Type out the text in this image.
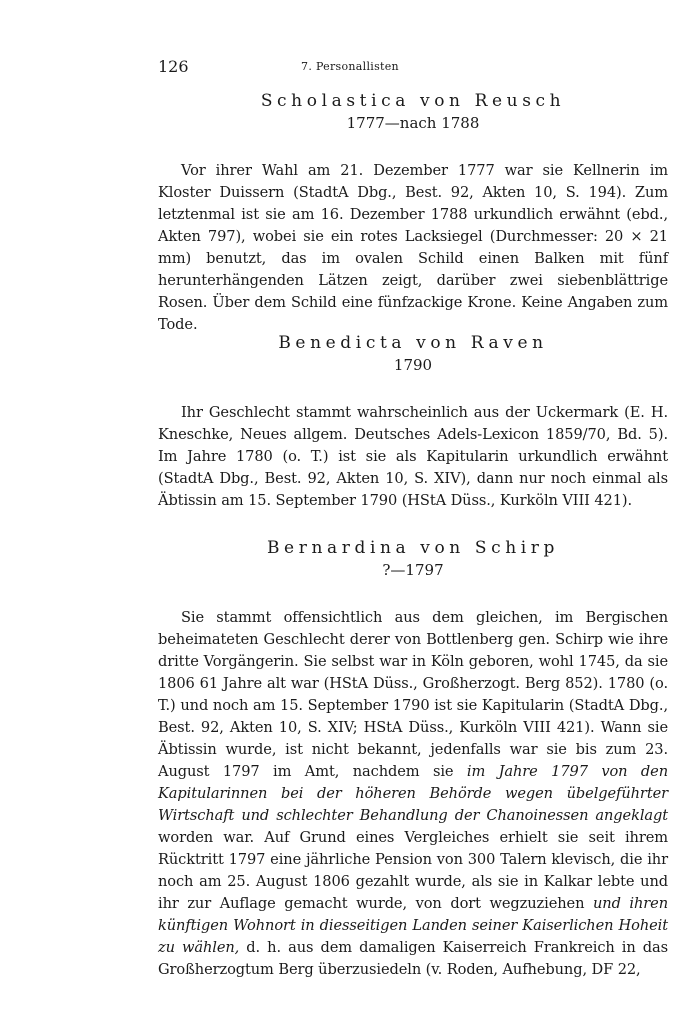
126	7. Personallisten
Scholastica von Reusch
1777—nach 1788

Vor ihrer Wahl am 21. Dezember 1777 war sie Kellnerin im Kloster Duissern (StadtA Dbg., Best. 92, Akten 10, S. 194). Zum letztenmal ist sie am 16. Dezember 1788 urkundlich erwähnt (ebd., Akten 797), wobei sie ein rotes Lacksiegel (Durchmesser: 20 × 21 mm) benutzt, das im ovalen Schild einen Balken mit fünf herunterhängenden Lätzen zeigt, darüber zwei siebenblättrige Rosen. Über dem Schild eine fünfzackige Krone. Keine Angaben zum Tode.

Benedicta von Raven
1790

Ihr Geschlecht stammt wahrscheinlich aus der Uckermark (E. H. Kneschke, Neues allgem. Deutsches Adels-Lexicon 1859/70, Bd. 5). Im Jahre 1780 (o. T.) ist sie als Kapitularin urkundlich erwähnt (StadtA Dbg., Best. 92, Akten 10, S. XIV), dann nur noch einmal als Äbtissin am 15. September 1790 (HStA Düss., Kurköln VIII 421).

Bernardina von Schirp
?—1797

Sie stammt offensichtlich aus dem gleichen, im Bergischen beheimateten Geschlecht derer von Bottlenberg gen. Schirp wie ihre dritte Vorgängerin. Sie selbst war in Köln geboren, wohl 1745, da sie 1806 61 Jahre alt war (HStA Düss., Großherzogt. Berg 852). 1780 (o. T.) und noch am 15. September 1790 ist sie Kapitularin (StadtA Dbg., Best. 92, Akten 10, S. XIV; HStA Düss., Kurköln VIII 421). Wann sie Äbtissin wurde, ist nicht bekannt, jedenfalls war sie bis zum 23. August 1797 im Amt, nachdem sie im Jahre 1797 von den Kapitularinnen bei der höheren Behörde wegen übelgeführter Wirtschaft und schlechter Behandlung der Chanoinessen angeklagt worden war. Auf Grund eines Vergleiches erhielt sie seit ihrem Rücktritt 1797 eine jährliche Pension von 300 Talern klevisch, die ihr noch am 25. August 1806 gezahlt wurde, als sie in Kalkar lebte und ihr zur Auflage gemacht wurde, von dort wegzuziehen und ihren künftigen Wohnort in diesseitigen Landen seiner Kaiserlichen Hoheit zu wählen, d. h. aus dem damaligen Kaiserreich Frankreich in das Großherzogtum Berg überzusiedeln (v. Roden, Aufhebung, DF 22,
